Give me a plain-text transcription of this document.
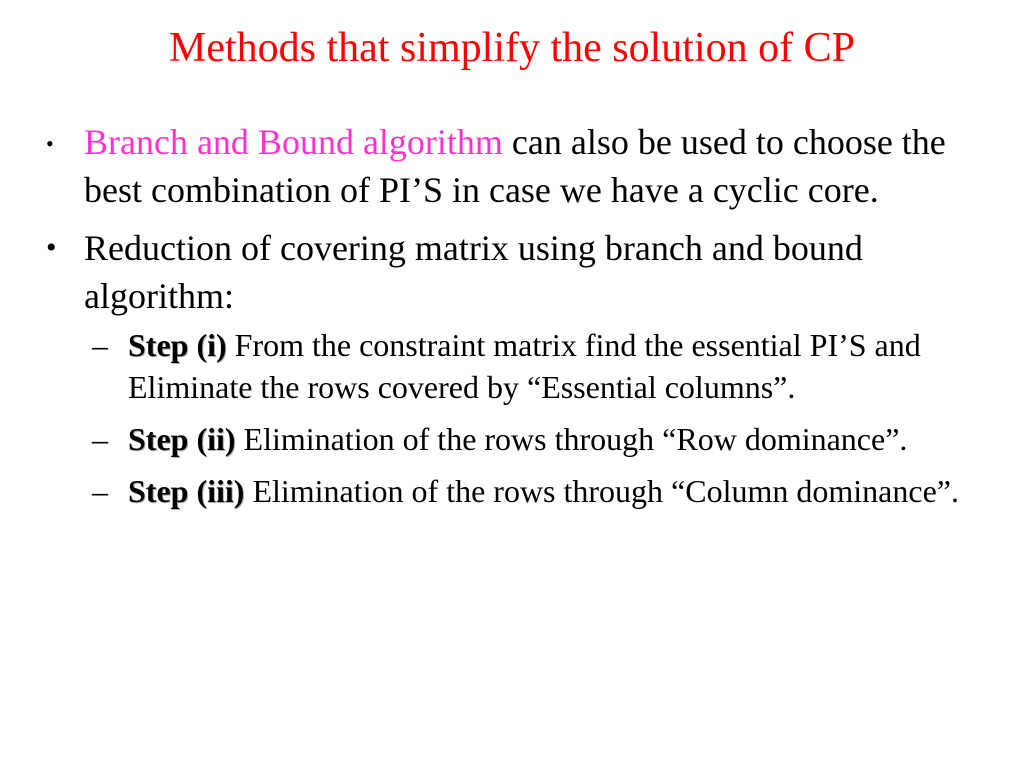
Methods that simplify the solution of CP
• Branch and Bound algorithm can also be used to choose the best combination of PI’S in case we have a cyclic core.
• Reduction of covering matrix using branch and bound algorithm:
– Step (i) From the constraint matrix find the essential PI’S and Eliminate the rows covered by “Essential columns”.
– Step (ii) Elimination of the rows through “Row dominance”.
– Step (iii) Elimination of the rows through “Column dominance”.
